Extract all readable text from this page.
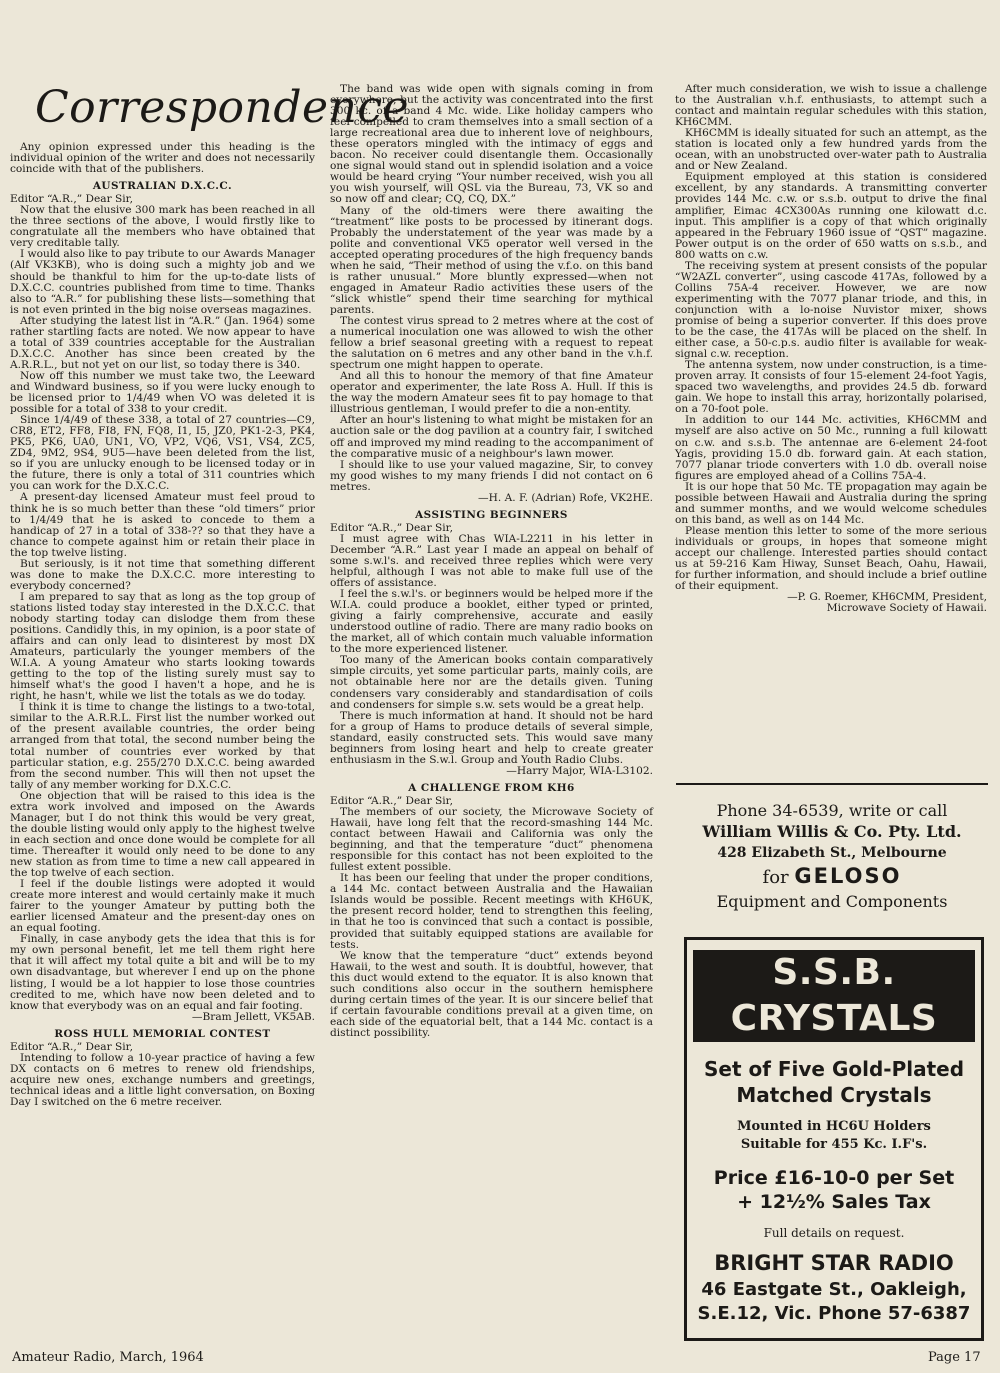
Correspondence

Any opinion expressed under this heading is the individual opinion of the writer and does not necessarily coincide with that of the publishers.

AUSTRALIAN D.X.C.C.

Editor “A.R.,” Dear Sir,

Now that the elusive 300 mark has been reached in all the three sections of the above, I would firstly like to congratulate all the members who have obtained that very creditable tally.

I would also like to pay tribute to our Awards Manager (Alf VK3KB), who is doing such a mighty job and we should be thankful to him for the up-to-date lists of D.X.C.C. countries published from time to time. Thanks also to “A.R.” for publishing these lists—something that is not even printed in the big noise overseas magazines.

After studying the latest list in “A.R.” (Jan. 1964) some rather startling facts are noted. We now appear to have a total of 339 countries acceptable for the Australian D.X.C.C. Another has since been created by the A.R.R.L., but not yet on our list, so today there is 340.

Now off this number we must take two, the Leeward and Windward business, so if you were lucky enough to be licensed prior to 1/4/49 when VO was deleted it is possible for a total of 338 to your credit.

Since 1/4/49 of these 338, a total of 27 countries—C9, CR8, ET2, FF8, FI8, FN, FQ8, I1, I5, JZ0, PK1-2-3, PK4, PK5, PK6, UA0, UN1, VO, VP2, VQ6, VS1, VS4, ZC5, ZD4, 9M2, 9S4, 9U5—have been deleted from the list, so if you are unlucky enough to be licensed today or in the future, there is only a total of 311 countries which you can work for the D.X.C.C.

A present-day licensed Amateur must feel proud to think he is so much better than these “old timers” prior to 1/4/49 that he is asked to concede to them a handicap of 27 in a total of 338-?? so that they have a chance to compete against him or retain their place in the top twelve listing.

But seriously, is it not time that something different was done to make the D.X.C.C. more interesting to everybody concerned?

I am prepared to say that as long as the top group of stations listed today stay interested in the D.X.C.C. that nobody starting today can dislodge them from these positions. Candidly this, in my opinion, is a poor state of affairs and can only lead to disinterest by most DX Amateurs, particularly the younger members of the W.I.A. A young Amateur who starts looking towards getting to the top of the listing surely must say to himself what's the good I haven't a hope, and he is right, he hasn't, while we list the totals as we do today.

I think it is time to change the listings to a two-total, similar to the A.R.R.L. First list the number worked out of the present available countries, the order being arranged from that total, the second number being the total number of countries ever worked by that particular station, e.g. 255/270 D.X.C.C. being awarded from the second number. This will then not upset the tally of any member working for D.X.C.C.

One objection that will be raised to this idea is the extra work involved and imposed on the Awards Manager, but I do not think this would be very great, the double listing would only apply to the highest twelve in each section and once done would be complete for all time. Thereafter it would only need to be done to any new station as from time to time a new call appeared in the top twelve of each section.

I feel if the double listings were adopted it would create more interest and would certainly make it much fairer to the younger Amateur by putting both the earlier licensed Amateur and the present-day ones on an equal footing.

Finally, in case anybody gets the idea that this is for my own personal benefit, let me tell them right here that it will affect my total quite a bit and will be to my own disadvantage, but wherever I end up on the phone listing, I would be a lot happier to lose those countries credited to me, which have now been deleted and to know that everybody was on an equal and fair footing.

—Bram Jellett, VK5AB.

ROSS HULL MEMORIAL CONTEST

Editor “A.R.,” Dear Sir,

Intending to follow a 10-year practice of having a few DX contacts on 6 metres to renew old friendships, acquire new ones, exchange numbers and greetings, technical ideas and a little light conversation, on Boxing Day I switched on the 6 metre receiver.

The band was wide open with signals coming in from everywhere, but the activity was concentrated into the first 300 kc. of a band 4 Mc. wide. Like holiday campers who feel compelled to cram themselves into a small section of a large recreational area due to inherent love of neighbours, these operators mingled with the intimacy of eggs and bacon. No receiver could disentangle them. Occasionally one signal would stand out in splendid isolation and a voice would be heard crying “Your number received, wish you all you wish yourself, will QSL via the Bureau, 73, VK so and so now off and clear; CQ, CQ, DX.”

Many of the old-timers were there awaiting the “treatment” like posts to be processed by itinerant dogs. Probably the understatement of the year was made by a polite and conventional VK5 operator well versed in the accepted operating procedures of the high frequency bands when he said, “Their method of using the v.f.o. on this band is rather unusual.” More bluntly expressed—when not engaged in Amateur Radio activities these users of the “slick whistle” spend their time searching for mythical parents.

The contest virus spread to 2 metres where at the cost of a numerical inoculation one was allowed to wish the other fellow a brief seasonal greeting with a request to repeat the salutation on 6 metres and any other band in the v.h.f. spectrum one might happen to operate.

And all this to honour the memory of that fine Amateur operator and experimenter, the late Ross A. Hull. If this is the way the modern Amateur sees fit to pay homage to that illustrious gentleman, I would prefer to die a non-entity.

After an hour's listening to what might be mistaken for an auction sale or the dog pavilion at a country fair, I switched off and improved my mind reading to the accompaniment of the comparative music of a neighbour's lawn mower.

I should like to use your valued magazine, Sir, to convey my good wishes to my many friends I did not contact on 6 metres.

—H. A. F. (Adrian) Rofe, VK2HE.

ASSISTING BEGINNERS

Editor “A.R.,” Dear Sir,

I must agree with Chas WIA-L2211 in his letter in December “A.R.” Last year I made an appeal on behalf of some s.w.l's. and received three replies which were very helpful, although I was not able to make full use of the offers of assistance.

I feel the s.w.l's. or beginners would be helped more if the W.I.A. could produce a booklet, either typed or printed, giving a fairly comprehensive, accurate and easily understood outline of radio. There are many radio books on the market, all of which contain much valuable information to the more experienced listener.

Too many of the American books contain comparatively simple circuits, yet some particular parts, mainly coils, are not obtainable here nor are the details given. Tuning condensers vary considerably and standardisation of coils and condensers for simple s.w. sets would be a great help.

There is much information at hand. It should not be hard for a group of Hams to produce details of several simple, standard, easily constructed sets. This would save many beginners from losing heart and help to create greater enthusiasm in the S.w.l. Group and Youth Radio Clubs.

—Harry Major, WIA-L3102.

A CHALLENGE FROM KH6

Editor “A.R.,” Dear Sir,

The members of our society, the Microwave Society of Hawaii, have long felt that the record-smashing 144 Mc. contact between Hawaii and California was only the beginning, and that the temperature “duct” phenomena responsible for this contact has not been exploited to the fullest extent possible.

It has been our feeling that under the proper conditions, a 144 Mc. contact between Australia and the Hawaiian Islands would be possible. Recent meetings with KH6UK, the present record holder, tend to strengthen this feeling, in that he too is convinced that such a contact is possible, provided that suitably equipped stations are available for tests.

We know that the temperature “duct” extends beyond Hawaii, to the west and south. It is doubtful, however, that this duct would extend to the equator. It is also known that such conditions also occur in the southern hemisphere during certain times of the year. It is our sincere belief that if certain favourable conditions prevail at a given time, on each side of the equatorial belt, that a 144 Mc. contact is a distinct possibility.

After much consideration, we wish to issue a challenge to the Australian v.h.f. enthusiasts, to attempt such a contact and maintain regular schedules with this station, KH6CMM.

KH6CMM is ideally situated for such an attempt, as the station is located only a few hundred yards from the ocean, with an unobstructed over-water path to Australia and or New Zealand.

Equipment employed at this station is considered excellent, by any standards. A transmitting converter provides 144 Mc. c.w. or s.s.b. output to drive the final amplifier, Eimac 4CX300As running one kilowatt d.c. input. This amplifier is a copy of that which originally appeared in the February 1960 issue of “QST” magazine. Power output is on the order of 650 watts on s.s.b., and 800 watts on c.w.

The receiving system at present consists of the popular “W2AZL converter”, using cascode 417As, followed by a Collins 75A-4 receiver. However, we are now experimenting with the 7077 planar triode, and this, in conjunction with a lo-noise Nuvistor mixer, shows promise of being a superior converter. If this does prove to be the case, the 417As will be placed on the shelf. In either case, a 50-c.p.s. audio filter is available for weak-signal c.w. reception.

The antenna system, now under construction, is a time-proven array. It consists of four 15-element 24-foot Yagis, spaced two wavelengths, and provides 24.5 db. forward gain. We hope to install this array, horizontally polarised, on a 70-foot pole.

In addition to our 144 Mc. activities, KH6CMM and myself are also active on 50 Mc., running a full kilowatt on c.w. and s.s.b. The antennae are 6-element 24-foot Yagis, providing 15.0 db. forward gain. At each station, 7077 planar triode converters with 1.0 db. overall noise figures are employed ahead of a Collins 75A-4.

It is our hope that 50 Mc. TE propagation may again be possible between Hawaii and Australia during the spring and summer months, and we would welcome schedules on this band, as well as on 144 Mc.

Please mention this letter to some of the more serious individuals or groups, in hopes that someone might accept our challenge. Interested parties should contact us at 59-216 Kam Hiway, Sunset Beach, Oahu, Hawaii, for further information, and should include a brief outline of their equipment.

—P. G. Roemer, KH6CMM, President,

Microwave Society of Hawaii.

Phone 34-6539, write or call
William Willis & Co. Pty. Ltd.
428 Elizabeth St., Melbourne
for GELOSO
Equipment and Components
S.S.B. CRYSTALS
Set of Five Gold-Plated
Matched Crystals
Mounted in HC6U Holders
Suitable for 455 Kc. I.F's.
Price £16-10-0 per Set
+ 12½% Sales Tax
Full details on request.
BRIGHT STAR RADIO
46 Eastgate St., Oakleigh,
S.E.12, Vic. Phone 57-6387
Amateur Radio, March, 1964	Page 17
